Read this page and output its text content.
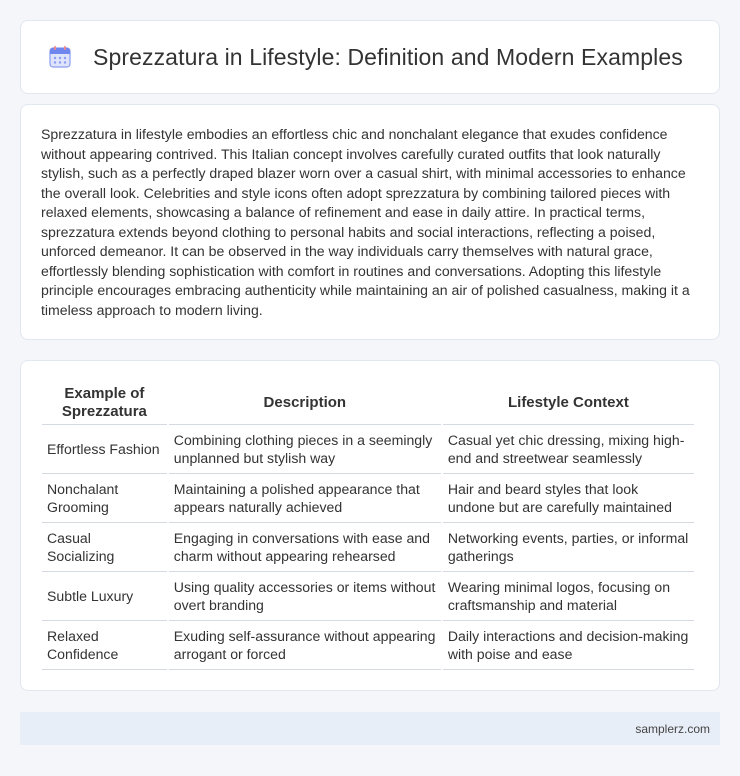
Sprezzatura in Lifestyle: Definition and Modern Examples

Sprezzatura in lifestyle embodies an effortless chic and nonchalant elegance that exudes confidence without appearing contrived. This Italian concept involves carefully curated outfits that look naturally stylish, such as a perfectly draped blazer worn over a casual shirt, with minimal accessories to enhance the overall look. Celebrities and style icons often adopt sprezzatura by combining tailored pieces with relaxed elements, showcasing a balance of refinement and ease in daily attire. In practical terms, sprezzatura extends beyond clothing to personal habits and social interactions, reflecting a poised, unforced demeanor. It can be observed in the way individuals carry themselves with natural grace, effortlessly blending sophistication with comfort in routines and conversations. Adopting this lifestyle principle encourages embracing authenticity while maintaining an air of polished casualness, making it a timeless approach to modern living.

Example of Sprezzatura	Description	Lifestyle Context
Effortless Fashion	Combining clothing pieces in a seemingly unplanned but stylish way	Casual yet chic dressing, mixing high-end and streetwear seamlessly
Nonchalant Grooming	Maintaining a polished appearance that appears naturally achieved	Hair and beard styles that look undone but are carefully maintained
Casual Socializing	Engaging in conversations with ease and charm without appearing rehearsed	Networking events, parties, or informal gatherings
Subtle Luxury	Using quality accessories or items without overt branding	Wearing minimal logos, focusing on craftsmanship and material
Relaxed Confidence	Exuding self-assurance without appearing arrogant or forced	Daily interactions and decision-making with poise and ease
samplerz.com
